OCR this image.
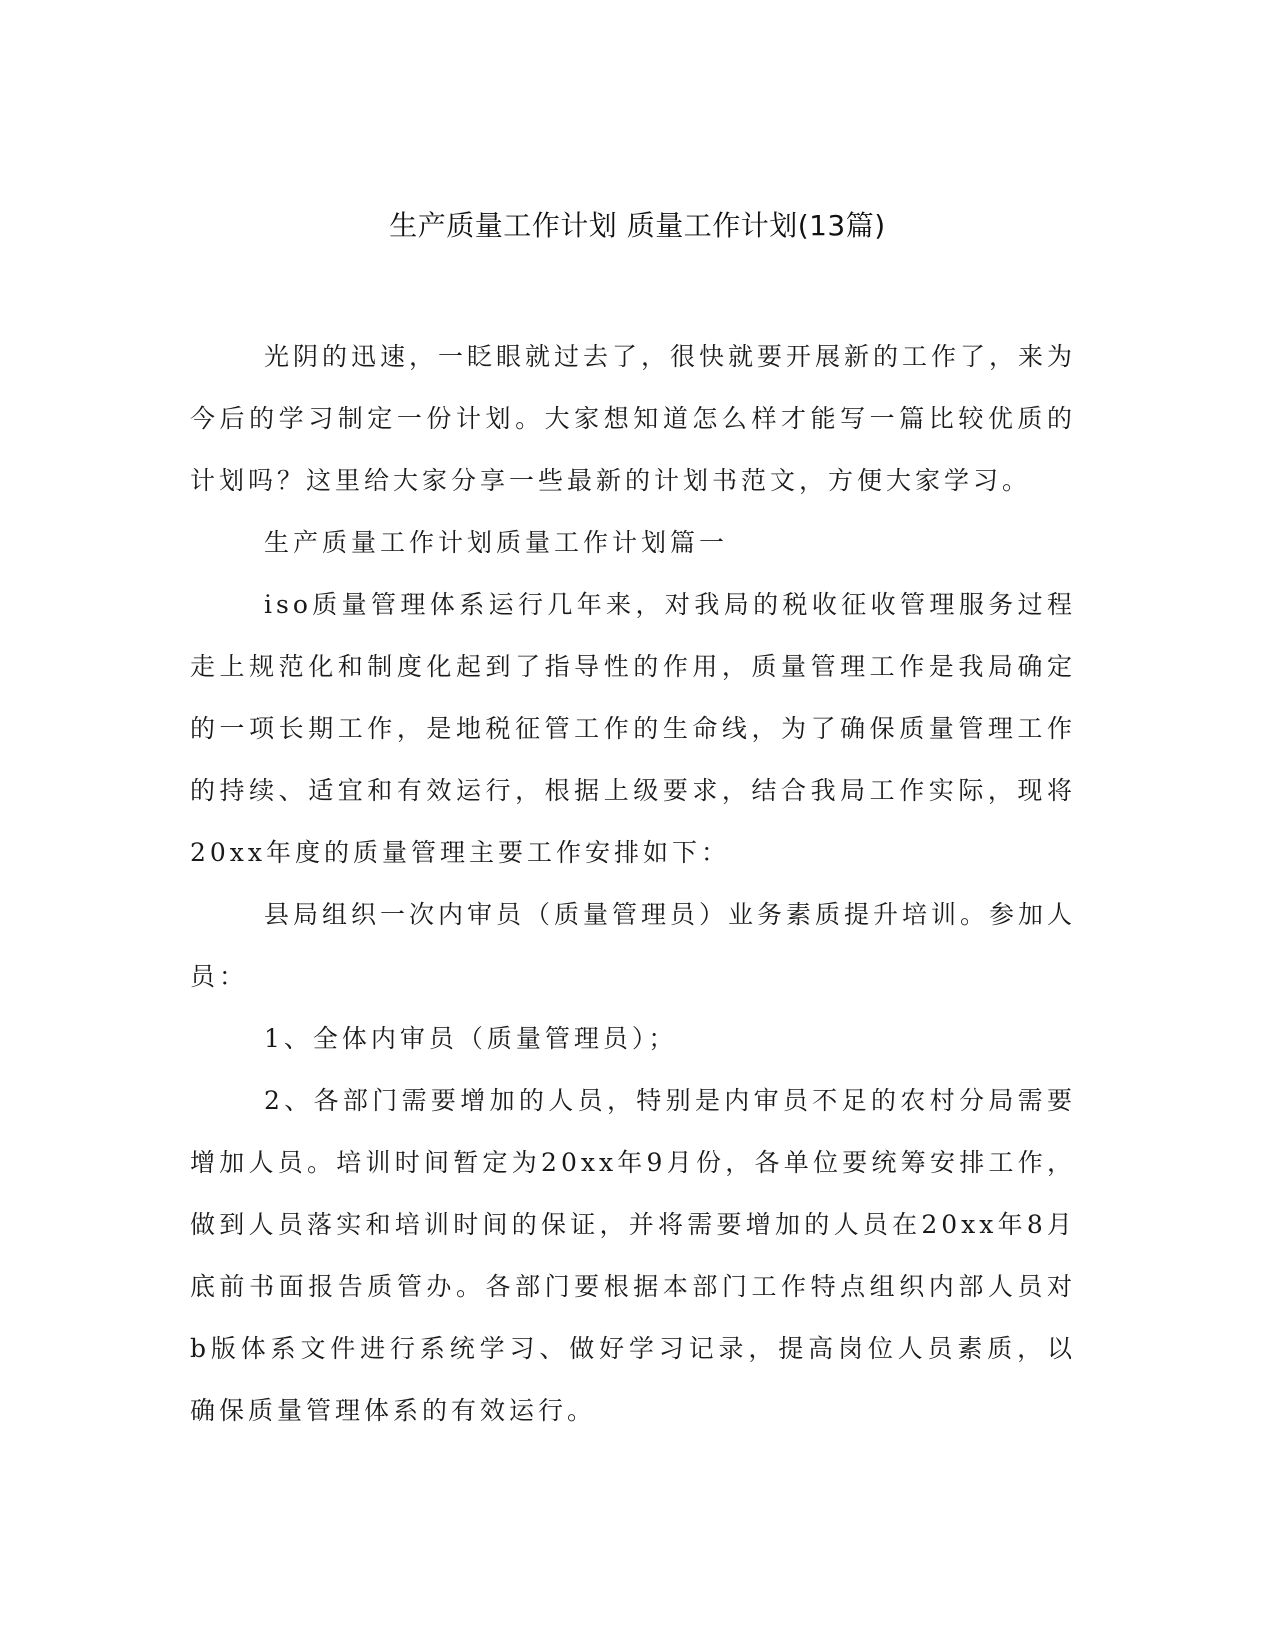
生产质量工作计划 质量工作计划(13篇)

光阴的迅速，一眨眼就过去了，很快就要开展新的工作了，来为今后的学习制定一份计划。大家想知道怎么样才能写一篇比较优质的计划吗？这里给大家分享一些最新的计划书范文，方便大家学习。

生产质量工作计划质量工作计划篇一

iso质量管理体系运行几年来，对我局的税收征收管理服务过程走上规范化和制度化起到了指导性的作用，质量管理工作是我局确定的一项长期工作，是地税征管工作的生命线，为了确保质量管理工作的持续、适宜和有效运行，根据上级要求，结合我局工作实际，现将20xx年度的质量管理主要工作安排如下：

县局组织一次内审员（质量管理员）业务素质提升培训。参加人员：

1、全体内审员（质量管理员）；

2、各部门需要增加的人员，特别是内审员不足的农村分局需要增加人员。培训时间暂定为20xx年9月份，各单位要统筹安排工作，做到人员落实和培训时间的保证，并将需要增加的人员在20xx年8月底前书面报告质管办。各部门要根据本部门工作特点组织内部人员对b版体系文件进行系统学习、做好学习记录，提高岗位人员素质，以确保质量管理体系的有效运行。
